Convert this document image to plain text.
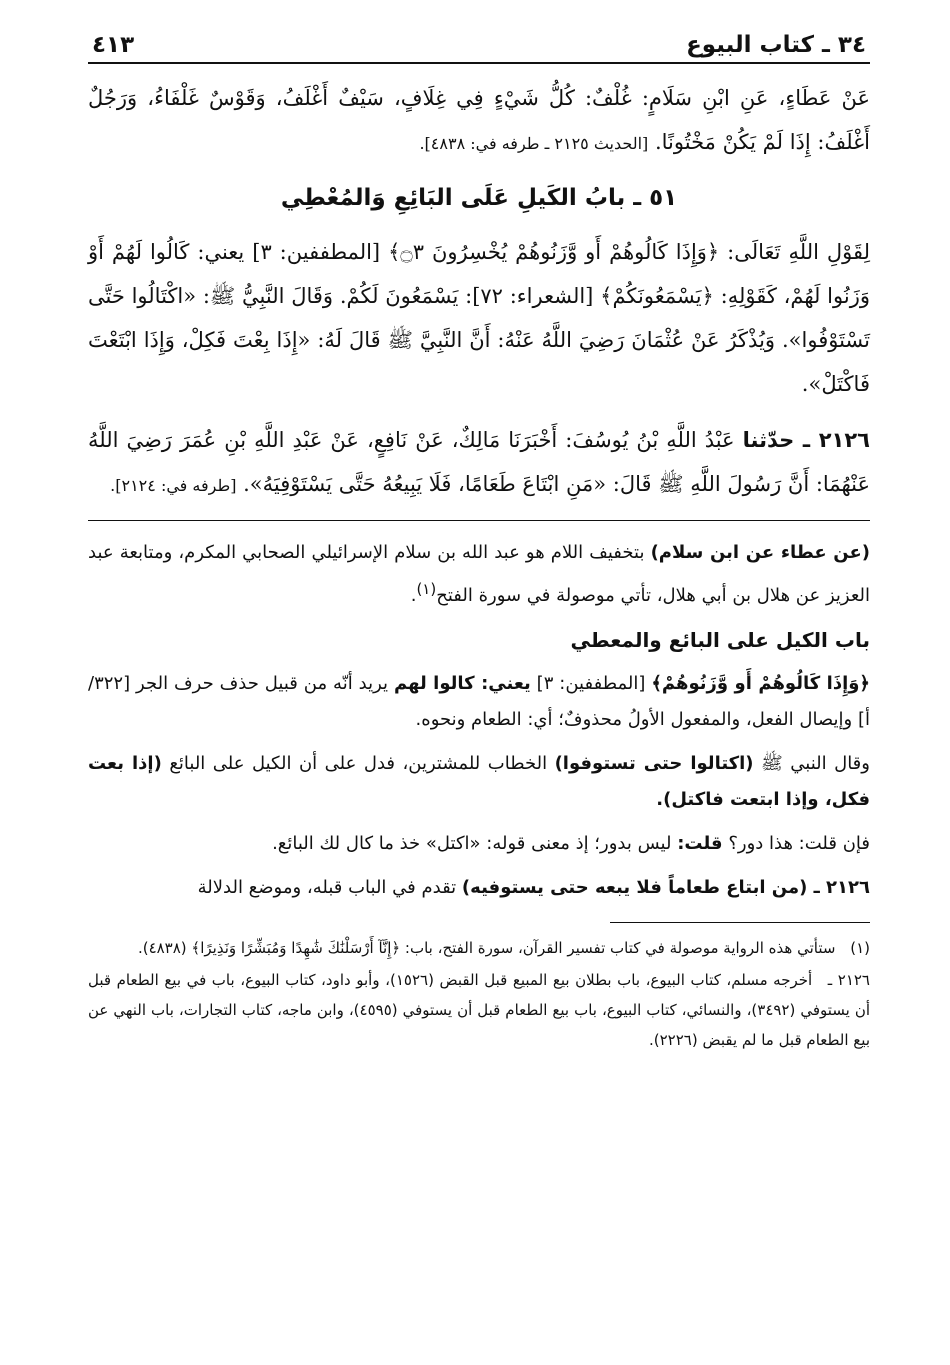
٣٤ ـ كتاب البيوع
٤١٣

عَنْ عَطَاءٍ، عَنِ ابْنِ سَلَامٍ: غُلْفٌ: كُلُّ شَيْءٍ فِي غِلَافٍ، سَيْفٌ أَغْلَفُ، وَقَوْسٌ غَلْفَاءُ، وَرَجُلٌ أَغْلَفُ: إِذَا لَمْ يَكُنْ مَخْتُونًا. [الحديث ٢١٢٥ ـ طرفه في: ٤٨٣٨].

٥١ ـ بابُ الكَيلِ عَلَى البَائِعِ وَالمُعْطِي

لِقَوْلِ اللَّهِ تَعَالَى: ﴿وَإِذَا كَالُوهُمْ أَو وَّزَنُوهُمْ يُخْسِرُونَ ۝٣﴾ [المطففين: ٣] يعني: كَالُوا لَهُمْ أَوْ وَزَنُوا لَهُمْ، كَقَوْلِهِ: ﴿يَسْمَعُونَكُمْ﴾ [الشعراء: ٧٢]: يَسْمَعُونَ لَكُمْ. وَقَالَ النَّبِيُّ ﷺ: «اكْتَالُوا حَتَّى تَسْتَوْفُوا». وَيُذْكَرُ عَنْ عُثْمَانَ رَضِيَ اللَّهُ عَنْهُ: أَنَّ النَّبِيَّ ﷺ قَالَ لَهُ: «إِذَا بِعْتَ فَكِلْ، وَإِذَا ابْتَعْتَ فَاكْتَلْ».

٢١٢٦ ـ حدّثنا عَبْدُ اللَّهِ بْنُ يُوسُفَ: أَخْبَرَنَا مَالِكٌ، عَنْ نَافِعٍ، عَنْ عَبْدِ اللَّهِ بْنِ عُمَرَ رَضِيَ اللَّهُ عَنْهُمَا: أَنَّ رَسُولَ اللَّهِ ﷺ قَالَ: «مَنِ ابْتَاعَ طَعَامًا، فَلَا يَبِيعُهُ حَتَّى يَسْتَوْفِيَهُ». [طرفه في: ٢١٢٤].

(عن عطاء عن ابن سلام) بتخفيف اللام هو عبد الله بن سلام الإسرائيلي الصحابي المكرم، ومتابعة عبد العزيز عن هلال بن أبي هلال، تأتي موصولة في سورة الفتح$^{(١)}$.

باب الكيل على البائع والمعطي

﴿وَإِذَا كَالُوهُمْ أَو وَّزَنُوهُمْ﴾ [المطففين: ٣] يعني: كالوا لهم يريد أنّه من قبيل حذف حرف الجر [٣٢٢/أ] وإيصال الفعل، والمفعول الأولُ محذوفٌ؛ أي: الطعام ونحوه.

وقال النبي ﷺ (اكتالوا حتى تستوفوا) الخطاب للمشترين، فدل على أن الكيل على البائع (إذا بعت فكل، وإذا ابتعت فاكتل).

فإن قلت: هذا دور؟ قلت: ليس بدور؛ إذ معنى قوله: «اكتل» خذ ما كال لك البائع.

٢١٢٦ ـ (من ابتاع طعاماً فلا يبعه حتى يستوفيه) تقدم في الباب قبله، وموضع الدلالة

(١) ستأتي هذه الرواية موصولة في كتاب تفسير القرآن، سورة الفتح، باب: ﴿إِنَّآ أَرْسَلْنَٰكَ شَٰهِدًا وَمُبَشِّرًا وَنَذِيرًا﴾ (٤٨٣٨).

٢١٢٦ ـ أخرجه مسلم، كتاب البيوع، باب بطلان بيع المبيع قبل القبض (١٥٢٦)، وأبو داود، كتاب البيوع، باب في بيع الطعام قبل أن يستوفي (٣٤٩٢)، والنسائي، كتاب البيوع، باب بيع الطعام قبل أن يستوفي (٤٥٩٥)، وابن ماجه، كتاب التجارات، باب النهي عن بيع الطعام قبل ما لم يقبض (٢٢٢٦).
